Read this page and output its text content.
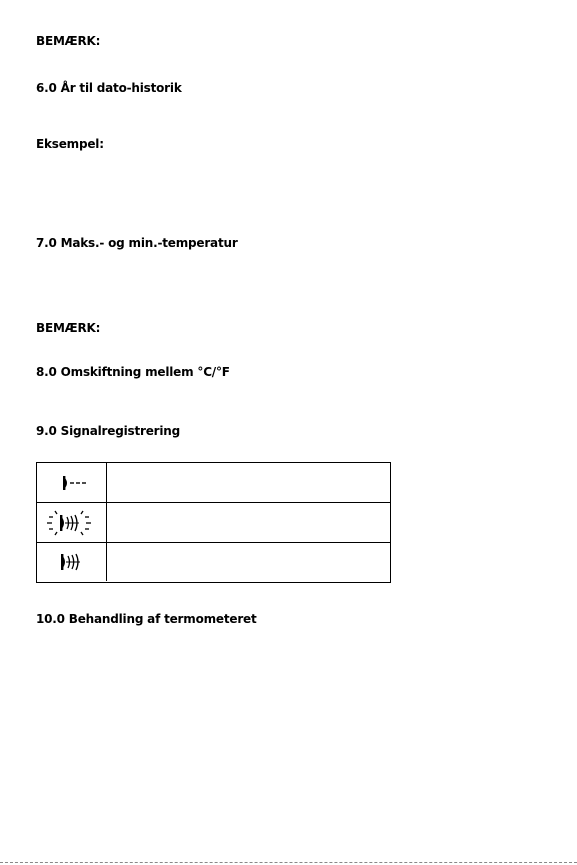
BEMÆRK:
6.0 År til dato-historik
Eksempel:
7.0 Maks.- og min.-temperatur
BEMÆRK:
8.0 Omskiftning mellem °C/°F
9.0 Signalregistrering
10.0 Behandling af termometeret
